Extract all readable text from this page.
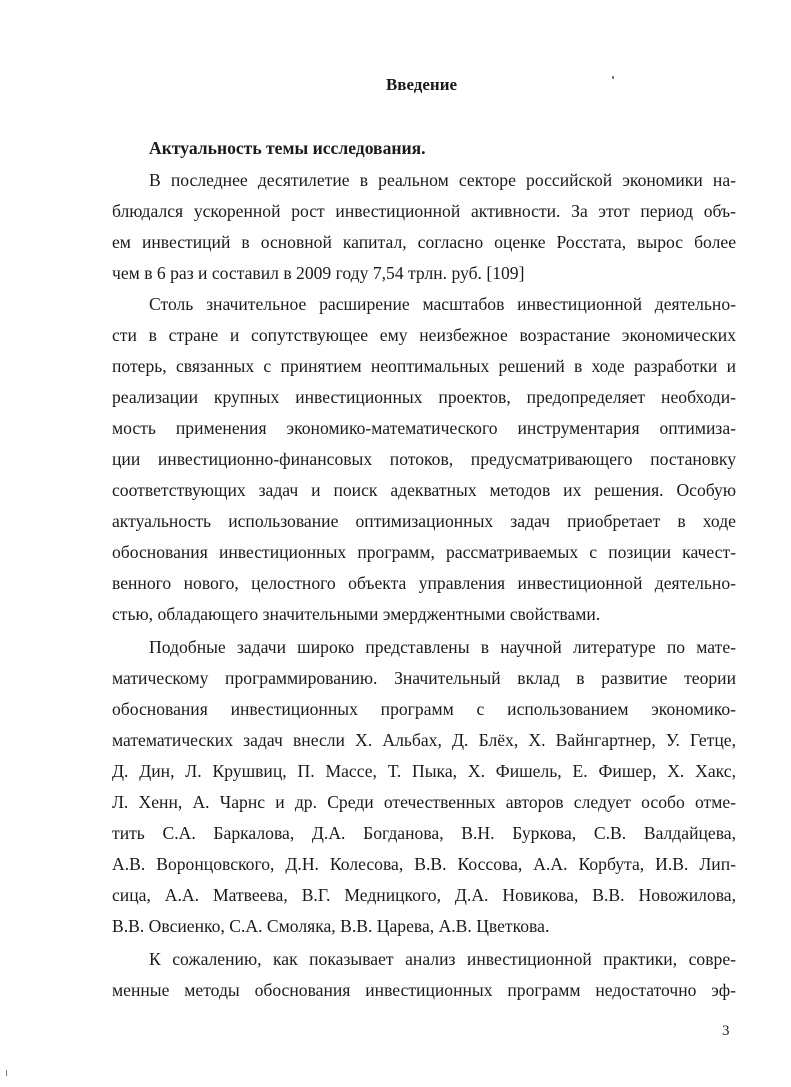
Введение
Актуальность темы исследования.
В последнее десятилетие в реальном секторе российской экономики на-
блюдался ускоренной рост инвестиционной активности. За этот период объ-
ем инвестиций в основной капитал, согласно оценке Росстата, вырос более
чем в 6 раз и составил в 2009 году 7,54 трлн. руб. [109]
Столь значительное расширение масштабов инвестиционной деятельно-
сти в стране и сопутствующее ему неизбежное возрастание экономических
потерь, связанных с принятием неоптимальных решений в ходе разработки и
реализации крупных инвестиционных проектов, предопределяет необходи-
мость применения экономико-математического инструментария оптимиза-
ции инвестиционно-финансовых потоков, предусматривающего постановку
соответствующих задач и поиск адекватных методов их решения. Особую
актуальность использование оптимизационных задач приобретает в ходе
обоснования инвестиционных программ, рассматриваемых с позиции качест-
венного нового, целостного объекта управления инвестиционной деятельно-
стью, обладающего значительными эмерджентными свойствами.
Подобные задачи широко представлены в научной литературе по мате-
матическому программированию. Значительный вклад в развитие теории
обоснования инвестиционных программ с использованием экономико-
математических задач внесли Х. Альбах, Д. Блёх, Х. Вайнгартнер, У. Гетце,
Д. Дин, Л. Крушвиц, П. Массе, Т. Пыка, Х. Фишель, Е. Фишер, Х. Хакс,
Л. Хенн, А. Чарнс и др. Среди отечественных авторов следует особо отме-
тить С.А. Баркалова, Д.А. Богданова, В.Н. Буркова, С.В. Валдайцева,
А.В. Воронцовского, Д.Н. Колесова, В.В. Коссова, А.А. Корбута, И.В. Лип-
сица, А.А. Матвеева, В.Г. Медницкого, Д.А. Новикова, В.В. Новожилова,
В.В. Овсиенко, С.А. Смоляка, В.В. Царева, А.В. Цветкова.
К сожалению, как показывает анализ инвестиционной практики, совре-
менные методы обоснования инвестиционных программ недостаточно эф-
3
